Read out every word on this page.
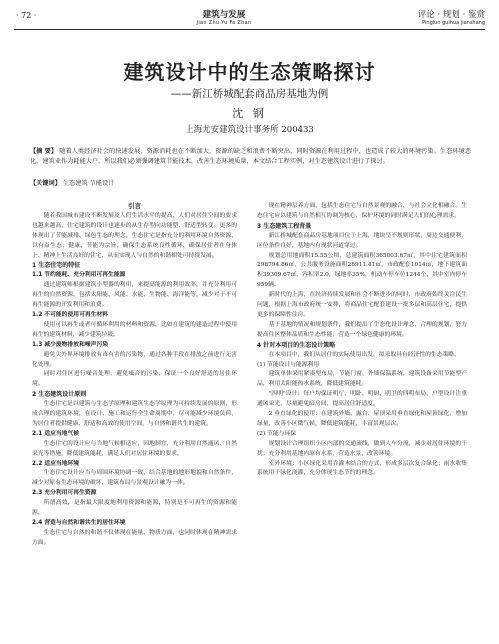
· 72 ·	建筑与发展
Jian Zhu Yu Fa Zhan
评论 · 规划 · 鉴赏
Pinglun guihua jianshang
建筑设计中的生态策略探讨
——新江桥城配套商品房基地为例
沈 钢
上海尤安建筑设计事务所 200433
【摘 要】 随着人类经济社会的快速发展，资源消耗也在不断加大，资源的缺乏和浪费不断突出，同时资源在利用过程中，也造成了较大的环境污染。生态环境恶化，建筑业作为耗能大户，所以我们必须强调建筑节能技术，改善生态环境质量，本文结合工程实例，对生态建筑设计进行了探讨。
【关键词】 生态建筑 节能设计

引言

随着我国城市建设不断发展及人们生活水平的提高，人们对居住空间的要求也越来越高，住宅建筑的设计也逐步的从生存型向功能型、舒适型转变。更多的体现出了节能减排、绿色生态的理念。生态住宅是指充分的利用环境自然资源，以有益生态、健康、节能为宗旨，确保生态系统良性循环，确保居住者在身体上、精神上生活良好的住宅，从而实现人与自然的和谐相处可持续发展。

1 生态住宅的特征

1.1 节约能耗、充分利用可再生能源

通过建筑师根据建筑小型器的利用，来提高能源的利用效率，并充分利用可再生的自然资源，包括太阳能、风能、水能、生物能、海洋能等，减少对于不可再生能源的开发利用和浪费。

1.2 不可能的使用可再生材料

使用可以再生或者可循环利用的材料和资源，比如在建筑的建造过程中使用再生的建筑材料，减少建筑垃圾。

1.3 减少废物排放和噪声污染

避免尖外界环境排放有毒有害的污染物，通过各种手段在排放之前进行无害化处理。

同时对住区进行噪音处理，避免噪音的污染，保证一个良好舒适的居住环境。

2 生态建筑设计原则

生态住宅是以建筑与生态学原理和建筑生态学原理为可持续发展的原则，形成合理的建筑环境，在设计、施工和运行全生命周期中，尽可能减少环境负荷，为居住者提供健康、舒适和高效的使用空间，与自然和谐共生的建筑。

2.1 适应当地气候

生态住宅的设计应与当地气候相适应，因地制宜，充分利用自然通风、自然采光等措施，降低建筑能耗，满足人们对居住环境的要求。

2.2 适应当地环境

生态住宅设计应当与周围环境协调一致，结合基地的地形地貌和自然条件，减少对原有生态环境的破坏，建筑布局与景观设计融为一体。

2.3 充分利用可再生资源

所谓高效，是指最大限度地利用资源和能源，特别是不可再生的资源和能源。

2.4 营造与自然和谐共生的居住环境

生态住宅与自然的和谐不仅体现在能量、物质方面，也同时体现在精神需求方面。

现在精神层养方面，包括生态住宅与自然景观的融合，与社会文化相融合。生态住宅应以建筑与自然相互协调为核心，保护环境的同时满足人们的心理需求。

3 生态建筑工程背景

新江桥城配套商品房基地项目位于上海，地块呈不规则形状，周边交通便利，区位条件良好，基地内有现状河道穿过。

规划总用地面积15.55公顷，总建筑面积365003.67㎡，其中住宅建筑面积298794.86㎡，公共服务设施面积28911.41㎡，市政配套1014㎡，地下建筑面积39309.67㎡，容积率2.0，绿地率35%，机动车停车位1244个，其中室内停车959辆。

新时代的上海，在经济持续发展和社会不断进步的同时，市政府始终关注民生问题，根据上海市政府统一安排，将商品住宅配套建设一批多层和高层住宅，提供更多的保障性住房。

基于基地的情况和规划条件，我们提出了生态化设计理念，合理的规划，努力提高住区整体品质和生态性能，营造一个绿色健康的环境。

4 针对本项目的生态设计策略

在本项目中，我们从居住的实际使用出发，拟采取具有经济性的生态策略。

(1) 节能设计与能源利用

建筑单体采用紧凑型布局，节能门窗、外墙保温系统，建筑设备采用节能型产品，利用太阳能热水系统，降低建筑能耗。

"四明"设计：每户均保证明厅、明卧、明厨、明卫的四明布局，户型设计注重通风采光，尽量避免暗房间，提高居住舒适度。

2 垂直绿化的使用：在建筑外墙、露台、屋顶采用垂直绿化和屋顶绿化，增加绿量，改善小区微气候，降低建筑能耗，丰富景观层次。

(2) 节能与环保

规划设计合理组织小区内部的交通流线，做到人车分流，减少对居住环境的干扰；充分利用基地内原有水系，营造水景，改善环境。

室外环境：小区绿化采用乔灌木结合的方式，形成多层次复合绿化；雨水收集系统用于绿化浇灌，充分体现生态节约的理念。
